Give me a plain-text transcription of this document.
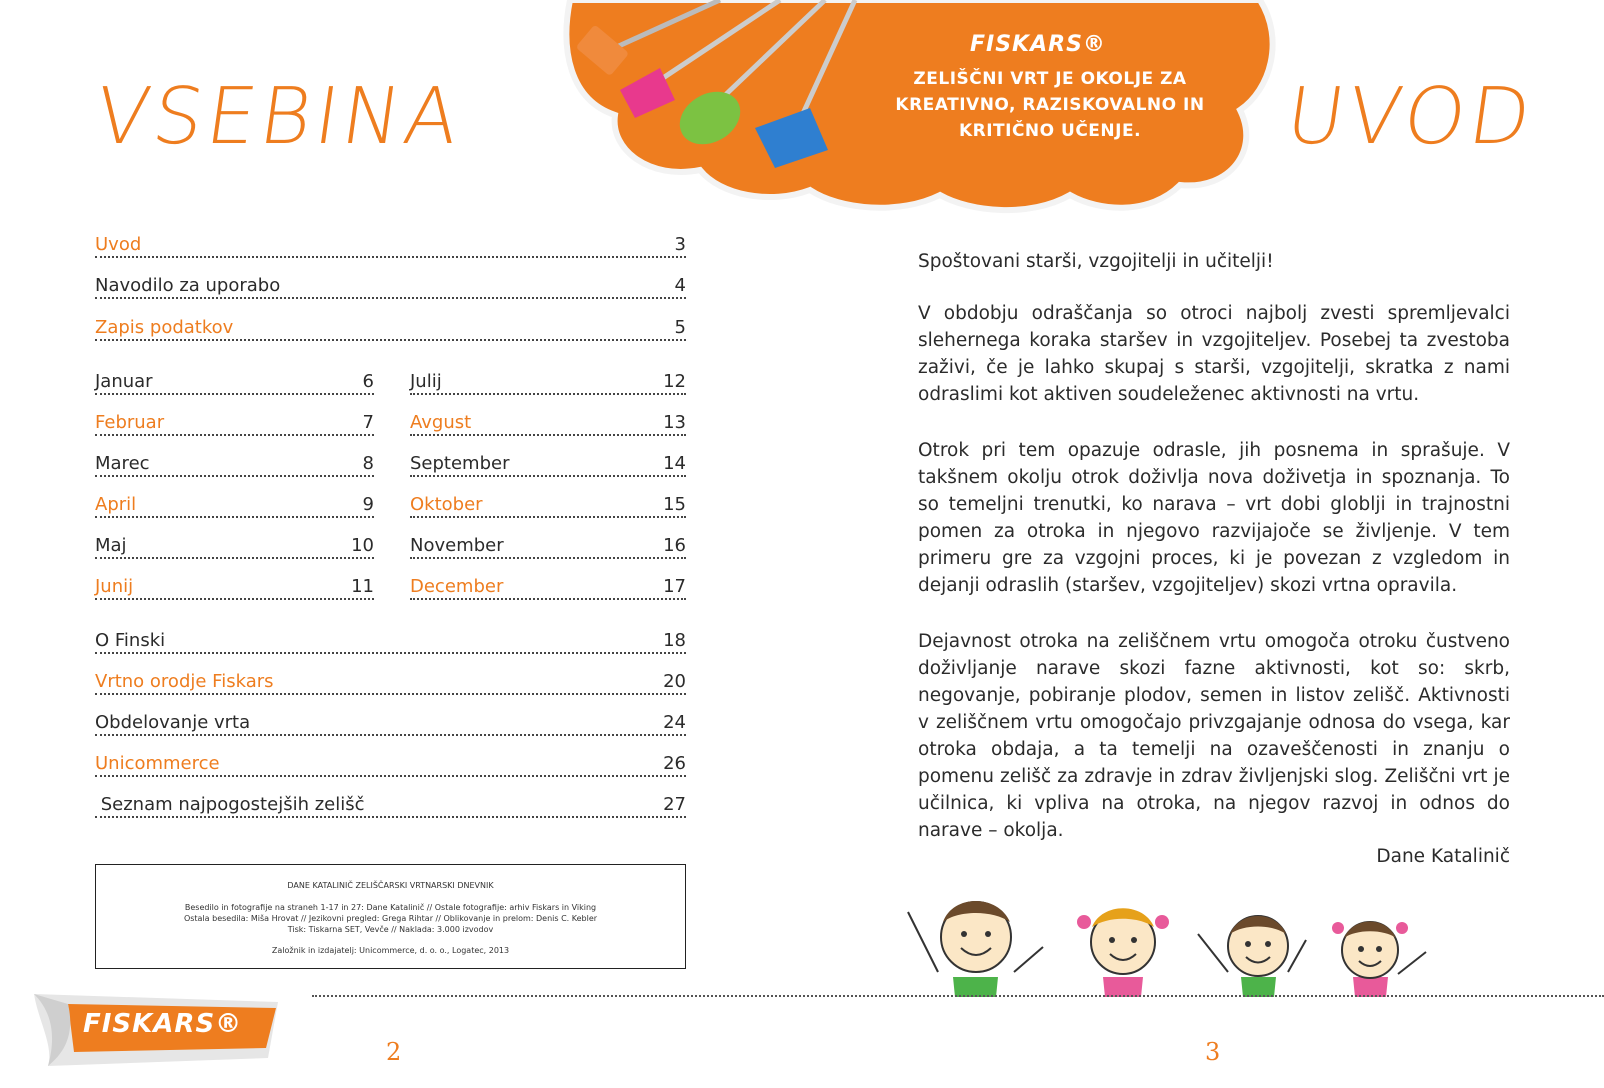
FISKARS®
ZELIŠČNI VRT JE OKOLJE ZA
KREATIVNO, RAZISKOVALNO IN
KRITIČNO UČENJE.
VSEBINA	UVOD
Uvod	3
Navodilo za uporabo	4
Zapis podatkov	5
Januar	6
Februar	7
Marec	8
April	9
Maj	10
Junij	11
Julij	12
Avgust	13
September	14
Oktober	15
November	16
December	17
O Finski	18
Vrtno orodje Fiskars	20
Obdelovanje vrta	24
Unicommerce	26
Seznam najpogostejših zelišč	27
DANE KATALINIČ ZELIŠČARSKI VRTNARSKI DNEVNIK
Besedilo in fotografije na straneh 1-17 in 27: Dane Katalinič // Ostale fotografije: arhiv Fiskars in Viking
Ostala besedila: Miša Hrovat // Jezikovni pregled: Grega Rihtar // Oblikovanje in prelom: Denis C. Kebler
Tisk: Tiskarna SET, Vevče // Naklada: 3.000 izvodov
Založnik in izdajatelj: Unicommerce, d. o. o., Logatec, 2013
Spoštovani starši, vzgojitelji in učitelji!
V obdobju odraščanja so otroci najbolj zvesti spremljevalci slehernega koraka staršev in vzgojiteljev. Posebej ta zvestoba zaživi, če je lahko skupaj s starši, vzgojitelji, skratka z nami odraslimi kot aktiven soudeleženec aktivnosti na vrtu.
Otrok pri tem opazuje odrasle, jih posnema in sprašuje. V takšnem okolju otrok doživlja nova doživetja in spoznanja. To so temeljni trenutki, ko narava – vrt dobi globlji in trajnostni pomen za otroka in njegovo razvijajoče se življenje. V tem primeru gre za vzgojni proces, ki je povezan z vzgledom in dejanji odraslih (staršev, vzgojiteljev) skozi vrtna opravila.
Dejavnost otroka na zeliščnem vrtu omogoča otroku čustveno doživljanje narave skozi fazne aktivnosti, kot so: skrb, negovanje, pobiranje plodov, semen in listov zelišč. Aktivnosti v zeliščnem vrtu omogočajo privzgajanje odnosa do vsega, kar otroka obdaja, a ta temelji na ozaveščenosti in znanju o pomenu zelišč za zdravje in zdrav življenjski slog. Zeliščni vrt je učilnica, ki vpliva na otroka, na njegov razvoj in odnos do narave – okolja.
Dane Katalinič
FISKARS®
2	3
